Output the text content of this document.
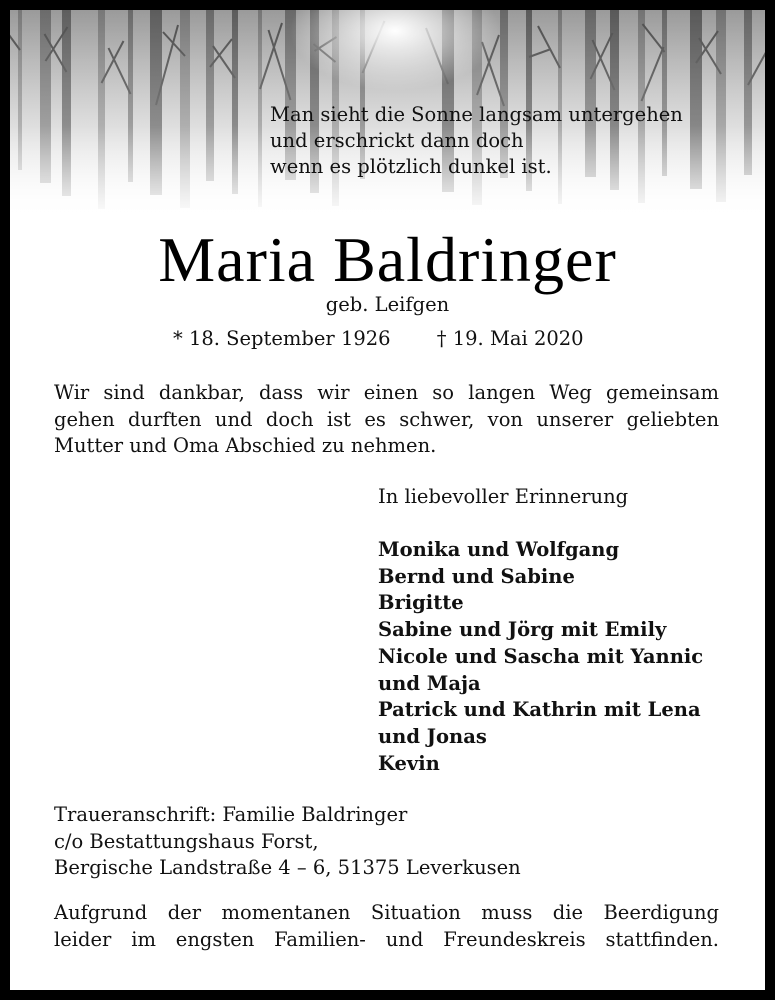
Man sieht die Sonne langsam untergehen
und erschrickt dann doch
wenn es plötzlich dunkel ist.

Maria Baldringer
geb. Leifgen
* 18. September 1926 † 19. Mai 2020
Wir sind dankbar, dass wir einen so langen Weg gemeinsam
gehen durften und doch ist es schwer, von unserer geliebten
Mutter und Oma Abschied zu nehmen.
In liebevoller Erinnerung
Monika und Wolfgang
Bernd und Sabine
Brigitte
Sabine und Jörg mit Emily
Nicole und Sascha mit Yannic
und Maja
Patrick und Kathrin mit Lena
und Jonas
Kevin
Traueranschrift: Familie Baldringer
c/o Bestattungshaus Forst,
Bergische Landstraße 4 – 6, 51375 Leverkusen
Aufgrund der momentanen Situation muss die Beerdigung
leider im engsten Familien- und Freundeskreis stattfinden.
